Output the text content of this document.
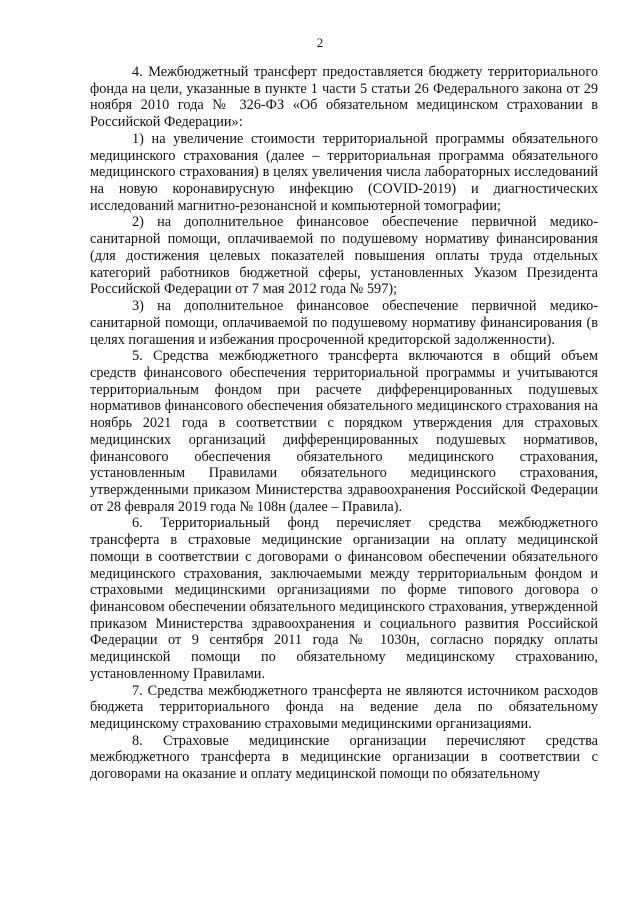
2

4. Межбюджетный трансферт предоставляется бюджету территориального фонда на цели, указанные в пункте 1 части 5 статьи 26 Федерального закона от 29 ноября 2010 года № 326-ФЗ «Об обязательном медицинском страховании в Российской Федерации»:

1) на увеличение стоимости территориальной программы обязательного медицинского страхования (далее – территориальная программа обязательного медицинского страхования) в целях увеличения числа лабораторных исследований на новую коронавирусную инфекцию (COVID-2019) и диагностических исследований магнитно-резонансной и компьютерной томографии;

2) на дополнительное финансовое обеспечение первичной медико-санитарной помощи, оплачиваемой по подушевому нормативу финансирования (для достижения целевых показателей повышения оплаты труда отдельных категорий работников бюджетной сферы, установленных Указом Президента Российской Федерации от 7 мая 2012 года № 597);

3) на дополнительное финансовое обеспечение первичной медико-санитарной помощи, оплачиваемой по подушевому нормативу финансирования (в целях погашения и избежания просроченной кредиторской задолженности).

5. Средства межбюджетного трансферта включаются в общий объем средств финансового обеспечения территориальной программы и учитываются территориальным фондом при расчете дифференцированных подушевых нормативов финансового обеспечения обязательного медицинского страхования на ноябрь 2021 года в соответствии с порядком утверждения для страховых медицинских организаций дифференцированных подушевых нормативов, финансового обеспечения обязательного медицинского страхования, установленным Правилами обязательного медицинского страхования, утвержденными приказом Министерства здравоохранения Российской Федерации от 28 февраля 2019 года № 108н (далее – Правила).

6. Территориальный фонд перечисляет средства межбюджетного трансферта в страховые медицинские организации на оплату медицинской помощи в соответствии с договорами о финансовом обеспечении обязательного медицинского страхования, заключаемыми между территориальным фондом и страховыми медицинскими организациями по форме типового договора о финансовом обеспечении обязательного медицинского страхования, утвержденной приказом Министерства здравоохранения и социального развития Российской Федерации от 9 сентября 2011 года № 1030н, согласно порядку оплаты медицинской помощи по обязательному медицинскому страхованию, установленному Правилами.

7. Средства межбюджетного трансферта не являются источником расходов бюджета территориального фонда на ведение дела по обязательному медицинскому страхованию страховыми медицинскими организациями.

8. Страховые медицинские организации перечисляют средства межбюджетного трансферта в медицинские организации в соответствии с договорами на оказание и оплату медицинской помощи по обязательному
